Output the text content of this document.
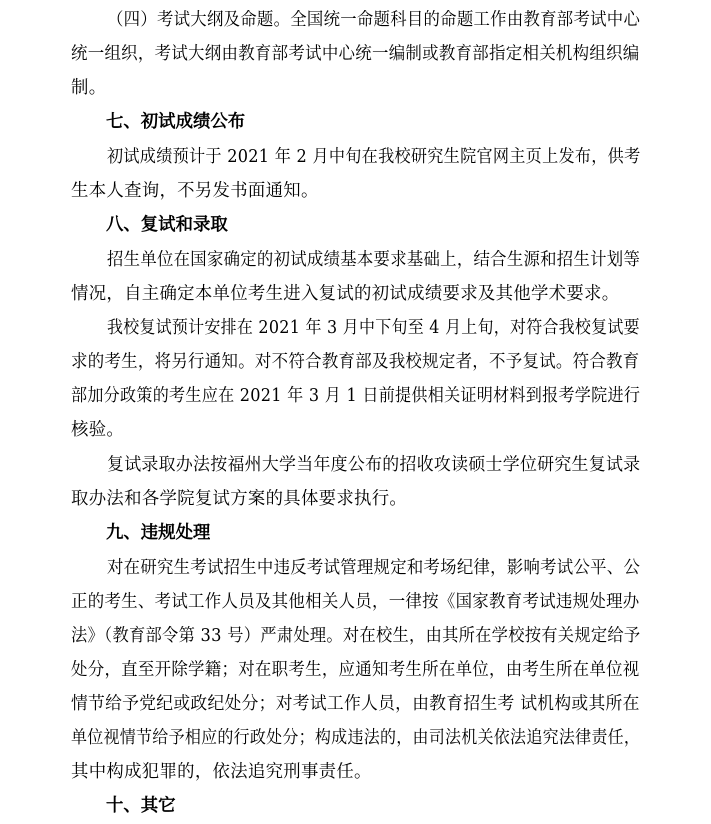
（四）考试大纲及命题。全国统一命题科目的命题工作由教育部考试中心
统一组织，考试大纲由教育部考试中心统一编制或教育部指定相关机构组织编
制。
七、初试成绩公布
初试成绩预计于 2021 年 2 月中旬在我校研究生院官网主页上发布，供考
生本人查询，不另发书面通知。
八、复试和录取
招生单位在国家确定的初试成绩基本要求基础上，结合生源和招生计划等
情况，自主确定本单位考生进入复试的初试成绩要求及其他学术要求。
我校复试预计安排在 2021 年 3 月中下旬至 4 月上旬，对符合我校复试要
求的考生，将另行通知。对不符合教育部及我校规定者，不予复试。符合教育
部加分政策的考生应在 2021 年 3 月 1 日前提供相关证明材料到报考学院进行
核验。
复试录取办法按福州大学当年度公布的招收攻读硕士学位研究生复试录
取办法和各学院复试方案的具体要求执行。
九、违规处理
对在研究生考试招生中违反考试管理规定和考场纪律，影响考试公平、公
正的考生、考试工作人员及其他相关人员，一律按《国家教育考试违规处理办
法》（教育部令第 33 号）严肃处理。对在校生，由其所在学校按有关规定给予
处分，直至开除学籍；对在职考生，应通知考生所在单位，由考生所在单位视
情节给予党纪或政纪处分；对考试工作人员，由教育招生考 试机构或其所在
单位视情节给予相应的行政处分；构成违法的，由司法机关依法追究法律责任，
其中构成犯罪的，依法追究刑事责任。
十、其它
